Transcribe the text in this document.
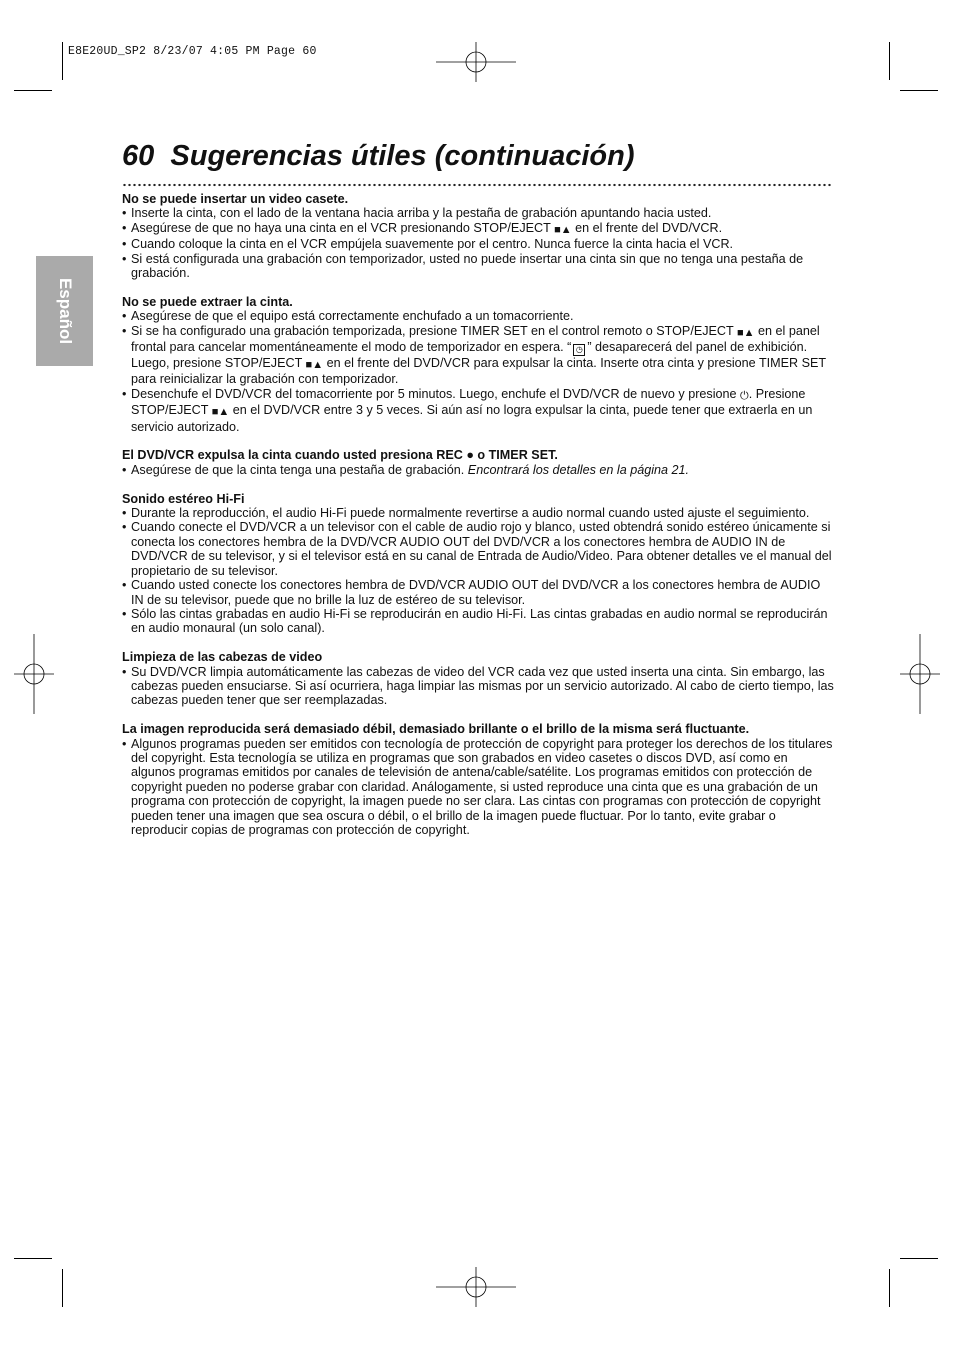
E8E20UD_SP2 8/23/07 4:05 PM Page 60
60 Sugerencias útiles (continuación)
Español
No se puede insertar un video casete.
• Inserte la cinta, con el lado de la ventana hacia arriba y la pestaña de grabación apuntando hacia usted.
• Asegúrese de que no haya una cinta en el VCR presionando STOP/EJECT ■▲ en el frente del DVD/VCR.
• Cuando coloque la cinta en el VCR empújela suavemente por el centro. Nunca fuerce la cinta hacia el VCR.
• Si está configurada una grabación con temporizador, usted no puede insertar una cinta sin que no tenga una pestaña de grabación.
No se puede extraer la cinta.
• Asegúrese de que el equipo está correctamente enchufado a un tomacorriente.
• Si se ha configurado una grabación temporizada, presione TIMER SET en el control remoto o STOP/EJECT ■▲ en el panel frontal para cancelar momentáneamente el modo de temporizador en espera. “ ◷ ” desaparecerá del panel de exhibición. Luego, presione STOP/EJECT ■▲ en el frente del DVD/VCR para expulsar la cinta. Inserte otra cinta y presione TIMER SET para reinicializar la grabación con temporizador.
• Desenchufe el DVD/VCR del tomacorriente por 5 minutos. Luego, enchufe el DVD/VCR de nuevo y presione ⏻. Presione STOP/EJECT ■▲ en el DVD/VCR entre 3 y 5 veces. Si aún así no logra expulsar la cinta, puede tener que extraerla en un servicio autorizado.
El DVD/VCR expulsa la cinta cuando usted presiona REC ● o TIMER SET.
• Asegúrese de que la cinta tenga una pestaña de grabación. Encontrará los detalles en la página 21.
Sonido estéreo Hi-Fi
• Durante la reproducción, el audio Hi-Fi puede normalmente revertirse a audio normal cuando usted ajuste el seguimiento.
• Cuando conecte el DVD/VCR a un televisor con el cable de audio rojo y blanco, usted obtendrá sonido estéreo únicamente si conecta los conectores hembra de la DVD/VCR AUDIO OUT del DVD/VCR a los conectores hembra de AUDIO IN de DVD/VCR de su televisor, y si el televisor está en su canal de Entrada de Audio/Video. Para obtener detalles ve el manual del propietario de su televisor.
• Cuando usted conecte los conectores hembra de DVD/VCR AUDIO OUT del DVD/VCR a los conectores hembra de AUDIO IN de su televisor, puede que no brille la luz de estéreo de su televisor.
• Sólo las cintas grabadas en audio Hi-Fi se reproducirán en audio Hi-Fi. Las cintas grabadas en audio normal se reproducirán en audio monaural (un solo canal).
Limpieza de las cabezas de video
• Su DVD/VCR limpia automáticamente las cabezas de video del VCR cada vez que usted inserta una cinta. Sin embargo, las cabezas pueden ensuciarse. Si así ocurriera, haga limpiar las mismas por un servicio autorizado. Al cabo de cierto tiempo, las cabezas pueden tener que ser reemplazadas.
La imagen reproducida será demasiado débil, demasiado brillante o el brillo de la misma será fluctuante.
• Algunos programas pueden ser emitidos con tecnología de protección de copyright para proteger los derechos de los titulares del copyright. Esta tecnología se utiliza en programas que son grabados en video casetes o discos DVD, así como en algunos programas emitidos por canales de televisión de antena/cable/satélite. Los programas emitidos con protección de copyright pueden no poderse grabar con claridad. Análogamente, si usted reproduce una cinta que es una grabación de un programa con protección de copyright, la imagen puede no ser clara. Las cintas con programas con protección de copyright pueden tener una imagen que sea oscura o débil, o el brillo de la imagen puede fluctuar. Por lo tanto, evite grabar o reproducir copias de programas con protección de copyright.
